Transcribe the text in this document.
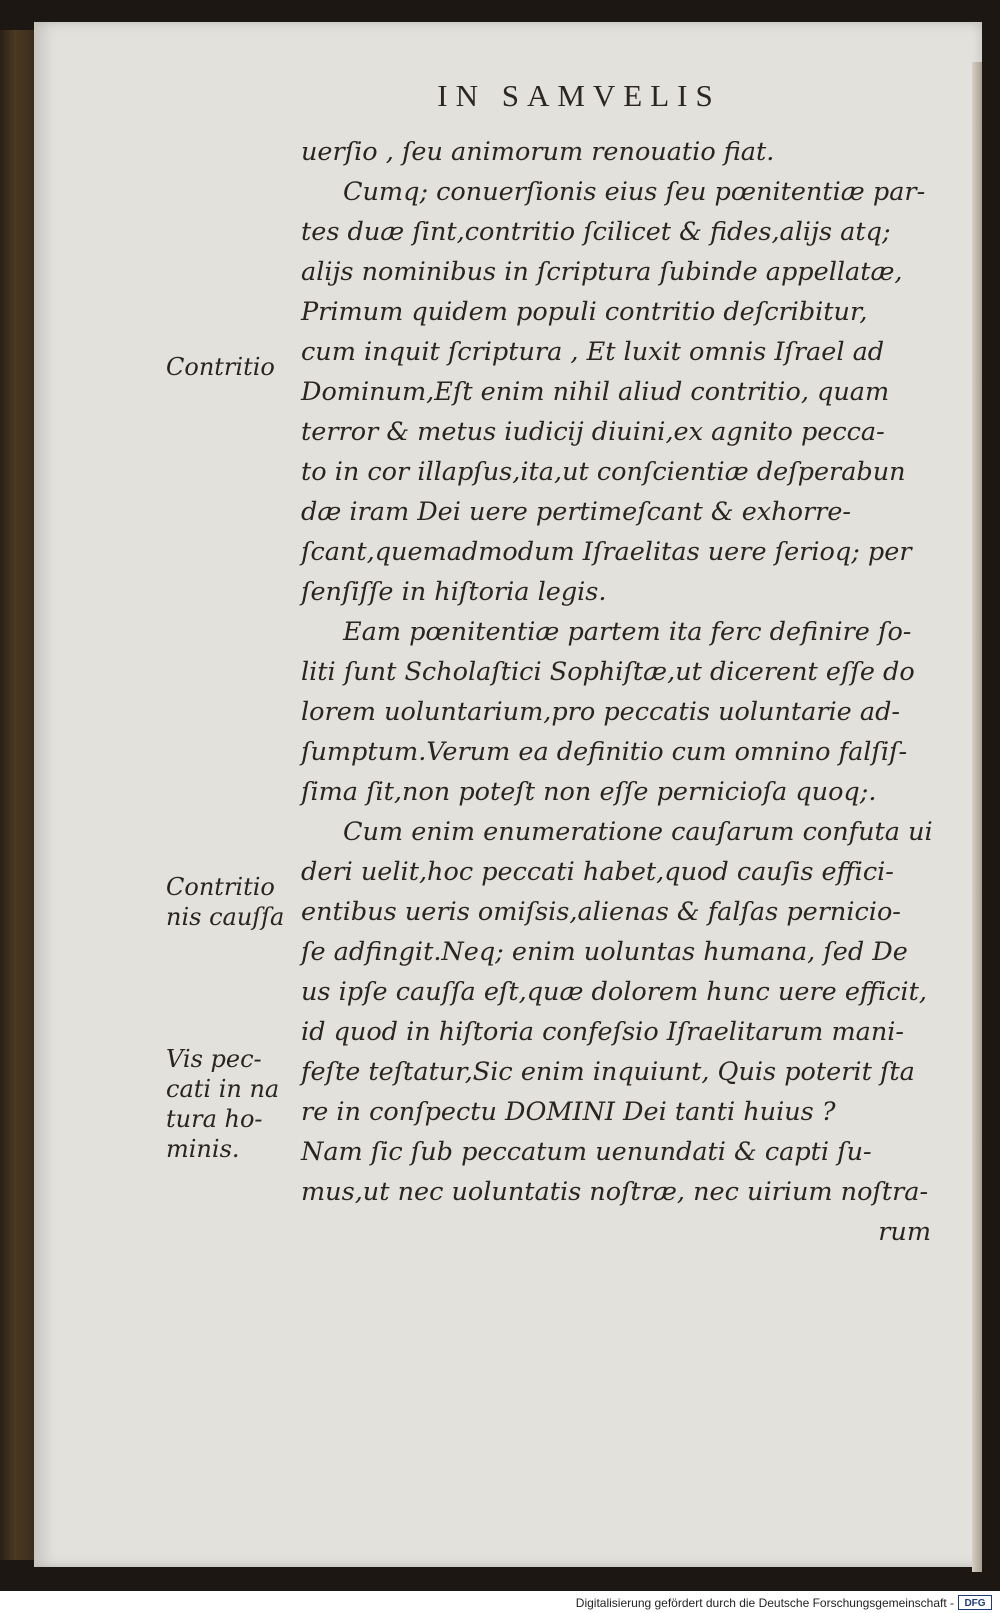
IN SAMVELIS
uerſio , ſeu animorum renouatio fiat.
Cumq; conuerſionis eius ſeu pœnitentiæ par-
tes duæ ſint,contritio ſcilicet & fides,alijs atq;
alijs nominibus in ſcriptura ſubinde appellatæ,
Primum quidem populi contritio deſcribitur,
cum inquit ſcriptura , Et luxit omnis Iſrael ad
Dominum,Eſt enim nihil aliud contritio, quam
terror & metus iudicij diuini,ex agnito pecca-
to in cor illapſus,ita,ut conſcientiæ deſperabun
dæ iram Dei uere pertimeſcant & exhorre-
ſcant,quemadmodum Iſraelitas uere ſerioq; per
ſenſiſſe in hiſtoria legis.
Eam pœnitentiæ partem ita ferc definire ſo-
liti ſunt Scholaſtici Sophiſtæ,ut dicerent eſſe do
lorem uoluntarium,pro peccatis uoluntarie ad-
ſumptum.Verum ea definitio cum omnino falſiſ-
ſima ſit,non poteſt non eſſe pernicioſa quoq;.
Cum enim enumeratione cauſarum confuta ui
deri uelit,hoc peccati habet,quod cauſis effici-
entibus ueris omiſsis,alienas & falſas pernicio-
ſe adfingit.Neq; enim uoluntas humana, ſed De
us ipſe cauſſa eſt,quæ dolorem hunc uere efficit,
id quod in hiſtoria confeſsio Iſraelitarum mani-
feſte teſtatur,Sic enim inquiunt, Quis poterit ſta
re in conſpectu DOMINI Dei tanti huius ?
Nam ſic ſub peccatum uenundati & capti ſu-
mus,ut nec uoluntatis noſtræ, nec uirium noſtra-
rum
Contritio
Contritio
nis cauſſa
Vis pec-
cati in na
tura ho-
minis.
Digitalisierung gefördert durch die Deutsche Forschungsgemeinschaft -	DFG
